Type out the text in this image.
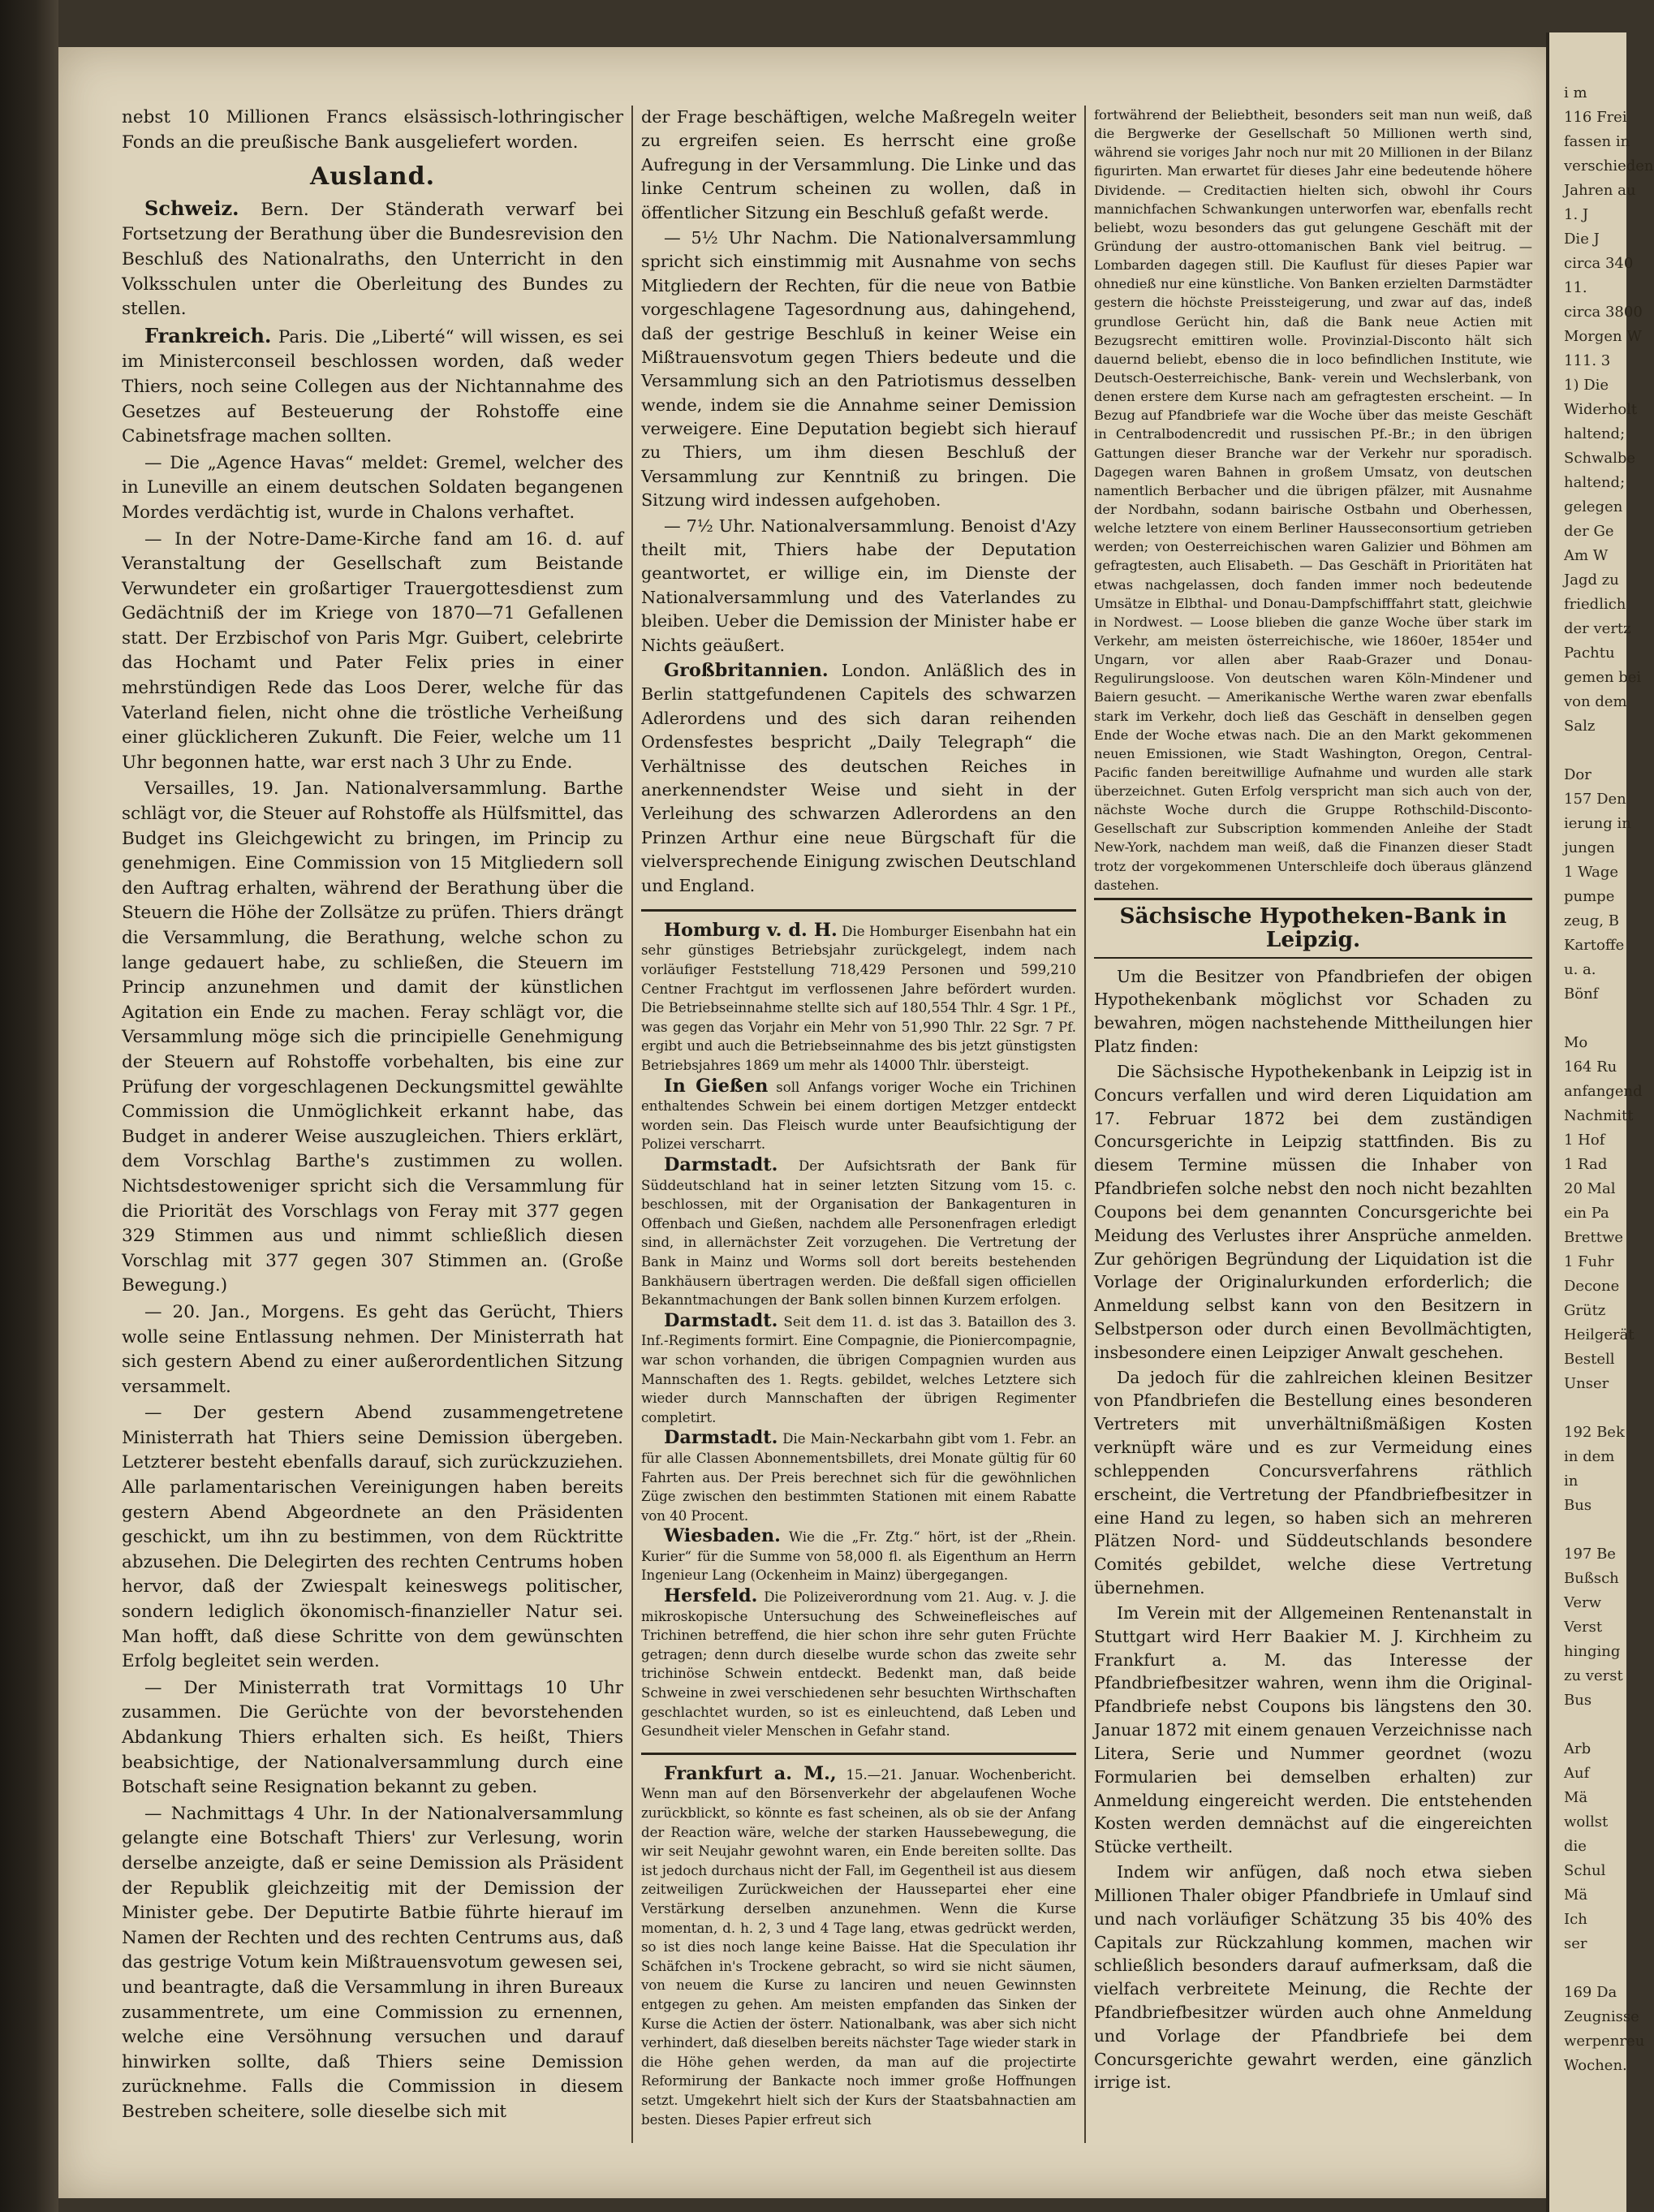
nebst 10 Millionen Francs elsässisch-lothringischer Fonds an die preußische Bank ausgeliefert worden.
Ausland.
Schweiz. Bern. Der Ständerath verwarf bei Fortsetzung der Berathung über die Bundesrevision den Beschluß des Nationalraths, den Unterricht in den Volksschulen unter die Oberleitung des Bundes zu stellen.
Frankreich. Paris. Die „Liberté“ will wissen, es sei im Ministerconseil beschlossen worden, daß weder Thiers, noch seine Collegen aus der Nichtannahme des Gesetzes auf Besteuerung der Rohstoffe eine Cabinetsfrage machen sollten.
— Die „Agence Havas“ meldet: Gremel, welcher des in Luneville an einem deutschen Soldaten begangenen Mordes verdächtig ist, wurde in Chalons verhaftet.
— In der Notre-Dame-Kirche fand am 16. d. auf Veranstaltung der Gesellschaft zum Beistande Verwundeter ein großartiger Trauergottesdienst zum Gedächtniß der im Kriege von 1870—71 Gefallenen statt. Der Erzbischof von Paris Mgr. Guibert, celebrirte das Hochamt und Pater Felix pries in einer mehrstündigen Rede das Loos Derer, welche für das Vaterland fielen, nicht ohne die tröstliche Verheißung einer glücklicheren Zukunft. Die Feier, welche um 11 Uhr begonnen hatte, war erst nach 3 Uhr zu Ende.
Versailles, 19. Jan. Nationalversammlung. Barthe schlägt vor, die Steuer auf Rohstoffe als Hülfsmittel, das Budget ins Gleichgewicht zu bringen, im Princip zu genehmigen. Eine Commission von 15 Mitgliedern soll den Auftrag erhalten, während der Berathung über die Steuern die Höhe der Zollsätze zu prüfen. Thiers drängt die Versammlung, die Berathung, welche schon zu lange gedauert habe, zu schließen, die Steuern im Princip anzunehmen und damit der künstlichen Agitation ein Ende zu machen. Feray schlägt vor, die Versammlung möge sich die principielle Genehmigung der Steuern auf Rohstoffe vorbehalten, bis eine zur Prüfung der vorgeschlagenen Deckungsmittel gewählte Commission die Unmöglichkeit erkannt habe, das Budget in anderer Weise auszugleichen. Thiers erklärt, dem Vorschlag Barthe's zustimmen zu wollen. Nichtsdestoweniger spricht sich die Versammlung für die Priorität des Vorschlags von Feray mit 377 gegen 329 Stimmen aus und nimmt schließlich diesen Vorschlag mit 377 gegen 307 Stimmen an. (Große Bewegung.)
— 20. Jan., Morgens. Es geht das Gerücht, Thiers wolle seine Entlassung nehmen. Der Ministerrath hat sich gestern Abend zu einer außerordentlichen Sitzung versammelt.
— Der gestern Abend zusammengetretene Ministerrath hat Thiers seine Demission übergeben. Letzterer besteht ebenfalls darauf, sich zurückzuziehen. Alle parlamentarischen Vereinigungen haben bereits gestern Abend Abgeordnete an den Präsidenten geschickt, um ihn zu bestimmen, von dem Rücktritte abzusehen. Die Delegirten des rechten Centrums hoben hervor, daß der Zwiespalt keineswegs politischer, sondern lediglich ökonomisch-finanzieller Natur sei. Man hofft, daß diese Schritte von dem gewünschten Erfolg begleitet sein werden.
— Der Ministerrath trat Vormittags 10 Uhr zusammen. Die Gerüchte von der bevorstehenden Abdankung Thiers erhalten sich. Es heißt, Thiers beabsichtige, der Nationalversammlung durch eine Botschaft seine Resignation bekannt zu geben.
— Nachmittags 4 Uhr. In der Nationalversammlung gelangte eine Botschaft Thiers' zur Verlesung, worin derselbe anzeigte, daß er seine Demission als Präsident der Republik gleichzeitig mit der Demission der Minister gebe. Der Deputirte Batbie führte hierauf im Namen der Rechten und des rechten Centrums aus, daß das gestrige Votum kein Mißtrauensvotum gewesen sei, und beantragte, daß die Versammlung in ihren Bureaux zusammentrete, um eine Commission zu ernennen, welche eine Versöhnung versuchen und darauf hinwirken sollte, daß Thiers seine Demission zurücknehme. Falls die Commission in diesem Bestreben scheitere, solle dieselbe sich mit
der Frage beschäftigen, welche Maßregeln weiter zu ergreifen seien. Es herrscht eine große Aufregung in der Versammlung. Die Linke und das linke Centrum scheinen zu wollen, daß in öffentlicher Sitzung ein Beschluß gefaßt werde.
— 5½ Uhr Nachm. Die Nationalversammlung spricht sich einstimmig mit Ausnahme von sechs Mitgliedern der Rechten, für die neue von Batbie vorgeschlagene Tagesordnung aus, dahingehend, daß der gestrige Beschluß in keiner Weise ein Mißtrauensvotum gegen Thiers bedeute und die Versammlung sich an den Patriotismus desselben wende, indem sie die Annahme seiner Demission verweigere. Eine Deputation begiebt sich hierauf zu Thiers, um ihm diesen Beschluß der Versammlung zur Kenntniß zu bringen. Die Sitzung wird indessen aufgehoben.
— 7½ Uhr. Nationalversammlung. Benoist d'Azy theilt mit, Thiers habe der Deputation geantwortet, er willige ein, im Dienste der Nationalversammlung und des Vaterlandes zu bleiben. Ueber die Demission der Minister habe er Nichts geäußert.
Großbritannien. London. Anläßlich des in Berlin stattgefundenen Capitels des schwarzen Adlerordens und des sich daran reihenden Ordensfestes bespricht „Daily Telegraph“ die Verhältnisse des deutschen Reiches in anerkennendster Weise und sieht in der Verleihung des schwarzen Adlerordens an den Prinzen Arthur eine neue Bürgschaft für die vielversprechende Einigung zwischen Deutschland und England.
Homburg v. d. H. Die Homburger Eisenbahn hat ein sehr günstiges Betriebsjahr zurückgelegt, indem nach vorläufiger Feststellung 718,429 Personen und 599,210 Centner Frachtgut im verflossenen Jahre befördert wurden. Die Betriebseinnahme stellte sich auf 180,554 Thlr. 4 Sgr. 1 Pf., was gegen das Vorjahr ein Mehr von 51,990 Thlr. 22 Sgr. 7 Pf. ergibt und auch die Betriebseinnahme des bis jetzt günstigsten Betriebsjahres 1869 um mehr als 14000 Thlr. übersteigt.
In Gießen soll Anfangs voriger Woche ein Trichinen enthaltendes Schwein bei einem dortigen Metzger entdeckt worden sein. Das Fleisch wurde unter Beaufsichtigung der Polizei verscharrt.
Darmstadt. Der Aufsichtsrath der Bank für Süddeutschland hat in seiner letzten Sitzung vom 15. c. beschlossen, mit der Organisation der Bankagenturen in Offenbach und Gießen, nachdem alle Personenfragen erledigt sind, in allernächster Zeit vorzugehen. Die Vertretung der Bank in Mainz und Worms soll dort bereits bestehenden Bankhäusern übertragen werden. Die deßfall sigen officiellen Bekanntmachungen der Bank sollen binnen Kurzem erfolgen.
Darmstadt. Seit dem 11. d. ist das 3. Bataillon des 3. Inf.-Regiments formirt. Eine Compagnie, die Pioniercompagnie, war schon vorhanden, die übrigen Compagnien wurden aus Mannschaften des 1. Regts. gebildet, welches Letztere sich wieder durch Mannschaften der übrigen Regimenter completirt.
Darmstadt. Die Main-Neckarbahn gibt vom 1. Febr. an für alle Classen Abonnementsbillets, drei Monate gültig für 60 Fahrten aus. Der Preis berechnet sich für die gewöhnlichen Züge zwischen den bestimmten Stationen mit einem Rabatte von 40 Procent.
Wiesbaden. Wie die „Fr. Ztg.“ hört, ist der „Rhein. Kurier“ für die Summe von 58,000 fl. als Eigenthum an Herrn Ingenieur Lang (Ockenheim in Mainz) übergegangen.
Hersfeld. Die Polizeiverordnung vom 21. Aug. v. J. die mikroskopische Untersuchung des Schweinefleisches auf Trichinen betreffend, die hier schon ihre sehr guten Früchte getragen; denn durch dieselbe wurde schon das zweite sehr trichinöse Schwein entdeckt. Bedenkt man, daß beide Schweine in zwei verschiedenen sehr besuchten Wirthschaften geschlachtet wurden, so ist es einleuchtend, daß Leben und Gesundheit vieler Menschen in Gefahr stand.
Frankfurt a. M., 15.—21. Januar. Wochenbericht. Wenn man auf den Börsenverkehr der abgelaufenen Woche zurückblickt, so könnte es fast scheinen, als ob sie der Anfang der Reaction wäre, welche der starken Haussebewegung, die wir seit Neujahr gewohnt waren, ein Ende bereiten sollte. Das ist jedoch durchaus nicht der Fall, im Gegentheil ist aus diesem zeitweiligen Zurückweichen der Haussepartei eher eine Verstärkung derselben anzunehmen. Wenn die Kurse momentan, d. h. 2, 3 und 4 Tage lang, etwas gedrückt werden, so ist dies noch lange keine Baisse. Hat die Speculation ihr Schäfchen in's Trockene gebracht, so wird sie nicht säumen, von neuem die Kurse zu lanciren und neuen Gewinnsten entgegen zu gehen. Am meisten empfanden das Sinken der Kurse die Actien der österr. Nationalbank, was aber sich nicht verhindert, daß dieselben bereits nächster Tage wieder stark in die Höhe gehen werden, da man auf die projectirte Reformirung der Bankacte noch immer große Hoffnungen setzt. Umgekehrt hielt sich der Kurs der Staatsbahnactien am besten. Dieses Papier erfreut sich
fortwährend der Beliebtheit, besonders seit man nun weiß, daß die Bergwerke der Gesellschaft 50 Millionen werth sind, während sie voriges Jahr noch nur mit 20 Millionen in der Bilanz figurirten. Man erwartet für dieses Jahr eine bedeutende höhere Dividende. — Creditactien hielten sich, obwohl ihr Cours mannichfachen Schwankungen unterworfen war, ebenfalls recht beliebt, wozu besonders das gut gelungene Geschäft mit der Gründung der austro-ottomanischen Bank viel beitrug. — Lombarden dagegen still. Die Kauflust für dieses Papier war ohnedieß nur eine künstliche. Von Banken erzielten Darmstädter gestern die höchste Preissteigerung, und zwar auf das, indeß grundlose Gerücht hin, daß die Bank neue Actien mit Bezugsrecht emittiren wolle. Provinzial-Disconto hält sich dauernd beliebt, ebenso die in loco befindlichen Institute, wie Deutsch-Oesterreichische, Bank- verein und Wechslerbank, von denen erstere dem Kurse nach am gefragtesten erscheint. — In Bezug auf Pfandbriefe war die Woche über das meiste Geschäft in Centralbodencredit und russischen Pf.-Br.; in den übrigen Gattungen dieser Branche war der Verkehr nur sporadisch. Dagegen waren Bahnen in großem Umsatz, von deutschen namentlich Berbacher und die übrigen pfälzer, mit Ausnahme der Nordbahn, sodann bairische Ostbahn und Oberhessen, welche letztere von einem Berliner Hausseconsortium getrieben werden; von Oesterreichischen waren Galizier und Böhmen am gefragtesten, auch Elisabeth. — Das Geschäft in Prioritäten hat etwas nachgelassen, doch fanden immer noch bedeutende Umsätze in Elbthal- und Donau-Dampfschifffahrt statt, gleichwie in Nordwest. — Loose blieben die ganze Woche über stark im Verkehr, am meisten österreichische, wie 1860er, 1854er und Ungarn, vor allen aber Raab-Grazer und Donau-Regulirungsloose. Von deutschen waren Köln-Mindener und Baiern gesucht. — Amerikanische Werthe waren zwar ebenfalls stark im Verkehr, doch ließ das Geschäft in denselben gegen Ende der Woche etwas nach. Die an den Markt gekommenen neuen Emissionen, wie Stadt Washington, Oregon, Central-Pacific fanden bereitwillige Aufnahme und wurden alle stark überzeichnet. Guten Erfolg verspricht man sich auch von der, nächste Woche durch die Gruppe Rothschild-Disconto-Gesellschaft zur Subscription kommenden Anleihe der Stadt New-York, nachdem man weiß, daß die Finanzen dieser Stadt trotz der vorgekommenen Unterschleife doch überaus glänzend dastehen.
Sächsische Hypotheken-Bank in Leipzig.
Um die Besitzer von Pfandbriefen der obigen Hypothekenbank möglichst vor Schaden zu bewahren, mögen nachstehende Mittheilungen hier Platz finden:
Die Sächsische Hypothekenbank in Leipzig ist in Concurs verfallen und wird deren Liquidation am 17. Februar 1872 bei dem zuständigen Concursgerichte in Leipzig stattfinden. Bis zu diesem Termine müssen die Inhaber von Pfandbriefen solche nebst den noch nicht bezahlten Coupons bei dem genannten Concursgerichte bei Meidung des Verlustes ihrer Ansprüche anmelden. Zur gehörigen Begründung der Liquidation ist die Vorlage der Originalurkunden erforderlich; die Anmeldung selbst kann von den Besitzern in Selbstperson oder durch einen Bevollmächtigten, insbesondere einen Leipziger Anwalt geschehen.
Da jedoch für die zahlreichen kleinen Besitzer von Pfandbriefen die Bestellung eines besonderen Vertreters mit unverhältnißmäßigen Kosten verknüpft wäre und es zur Vermeidung eines schleppenden Concursverfahrens räthlich erscheint, die Vertretung der Pfandbriefbesitzer in eine Hand zu legen, so haben sich an mehreren Plätzen Nord- und Süddeutschlands besondere Comités gebildet, welche diese Vertretung übernehmen.
Im Verein mit der Allgemeinen Rentenanstalt in Stuttgart wird Herr Baakier M. J. Kirchheim zu Frankfurt a. M. das Interesse der Pfandbriefbesitzer wahren, wenn ihm die Original-Pfandbriefe nebst Coupons bis längstens den 30. Januar 1872 mit einem genauen Verzeichnisse nach Litera, Serie und Nummer geordnet (wozu Formularien bei demselben erhalten) zur Anmeldung eingereicht werden. Die entstehenden Kosten werden demnächst auf die eingereichten Stücke vertheilt.
Indem wir anfügen, daß noch etwa sieben Millionen Thaler obiger Pfandbriefe in Umlauf sind und nach vorläufiger Schätzung 35 bis 40% des Capitals zur Rückzahlung kommen, machen wir schließlich besonders darauf aufmerksam, daß die vielfach verbreitete Meinung, die Rechte der Pfandbriefbesitzer würden auch ohne Anmeldung und Vorlage der Pfandbriefe bei dem Concursgerichte gewahrt werden, eine gänzlich irrige ist.

i m
116 Frei
fassen in
verschieden
Jahren au
1. J
Die J
circa 340
11.
circa 3800
Morgen W
111. 3
1) Die
Widerholt
haltend;
Schwalbe
haltend;
gelegen
der Ge
Am W
Jagd zu
friedlich
der vertz
Pachtu
gemen bei
von dem
Salz

Dor
157 Den
ierung in
jungen
1 Wage
pumpe
zeug, B
Kartoffe
u. a.
Bönf

Mo
164 Ru
anfangend
Nachmitt
1 Hof
1 Rad
20 Mal
ein Pa
Brettwe
1 Fuhr
Decone
Grütz
Heilgerät
Bestell
Unser

192 Bek
in dem
in
Bus

197 Be
Bußsch
Verw
Verst
hinging
zu verst
Bus

Arb
Auf
Mä
wollst
die
Schul
Mä
Ich
ser

169 Da
Zeugnisse
werpenreu
Wochen.
